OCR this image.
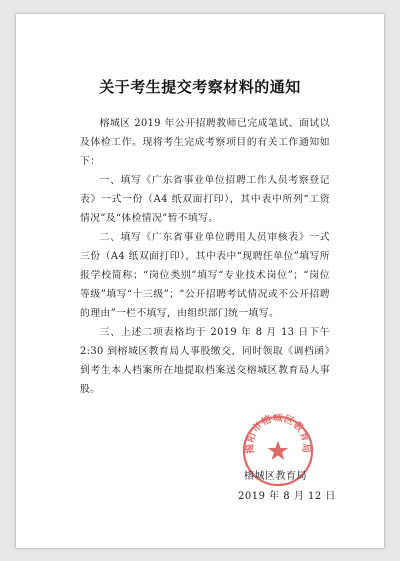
关于考生提交考察材料的通知

榕城区 2019 年公开招聘教师已完成笔试、面试以及体检工作。现将考生完成考察项目的有关工作通知如下：

一、填写《广东省事业单位招聘工作人员考察登记表》一式一份（A4 纸双面打印），其中表中所列“工资情况”及“体检情况”暂不填写。

二、填写《广东省事业单位聘用人员审核表》一式三份（A4 纸双面打印），其中表中“现聘任单位”填写所报学校简称；“岗位类别”填写“专业技术岗位”；“岗位等级”填写“十三级”；“公开招聘考试情况或不公开招聘的理由”一栏不填写，由组织部门统一填写。

三、上述二项表格均于 2019 年 8 月 13 日下午 2:30 到榕城区教育局人事股缴交，同时领取《调档函》到考生本人档案所在地提取档案送交榕城区教育局人事股。

揭阳市榕城区教育局
榕城区教育局
2019 年 8 月 12 日
